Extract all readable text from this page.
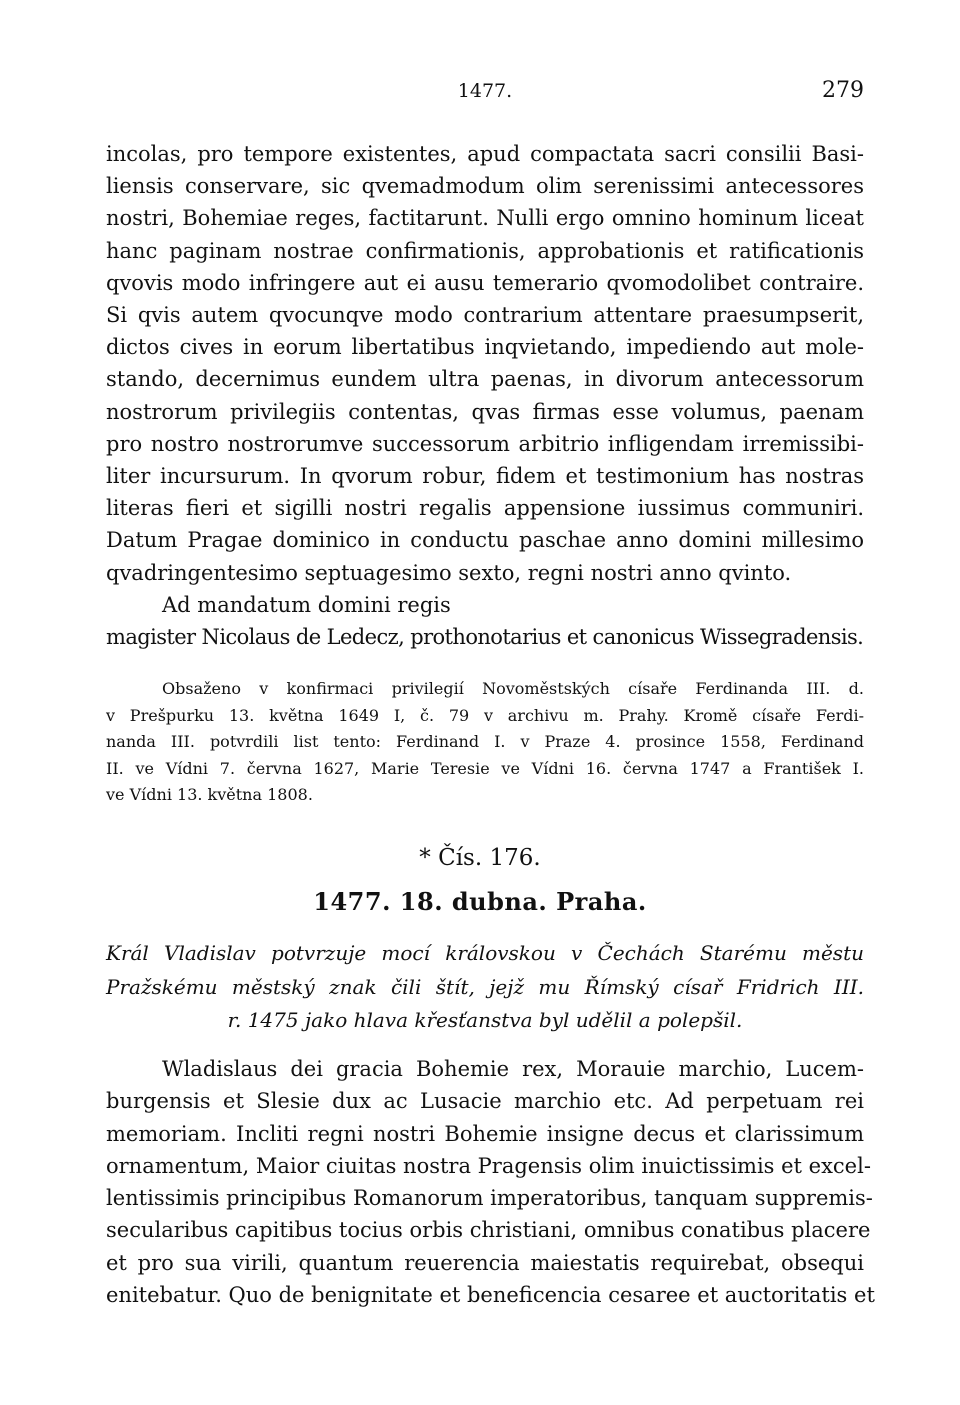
1477.	279
incolas, pro tempore existentes, apud compactata sacri consilii Basi-
liensis conservare, sic qvemadmodum olim serenissimi antecessores
nostri, Bohemiae reges, factitarunt. Nulli ergo omnino hominum liceat
hanc paginam nostrae confirmationis, approbationis et ratificationis
qvovis modo infringere aut ei ausu temerario qvomodolibet contraire.
Si qvis autem qvocunqve modo contrarium attentare praesumpserit,
dictos cives in eorum libertatibus inqvietando, impediendo aut mole-
stando, decernimus eundem ultra paenas, in divorum antecessorum
nostrorum privilegiis contentas, qvas firmas esse volumus, paenam
pro nostro nostrorumve successorum arbitrio infligendam irremissibi-
liter incursurum. In qvorum robur, fidem et testimonium has nostras
literas fieri et sigilli nostri regalis appensione iussimus communiri.
Datum Pragae dominico in conductu paschae anno domini millesimo
qvadringentesimo septuagesimo sexto, regni nostri anno qvinto.
Ad mandatum domini regis
magister Nicolaus de Ledecz, prothonotarius et canonicus Wissegradensis.
Obsaženo v konfirmaci privilegií Novoměstských císaře Ferdinanda III. d.
v Prešpurku 13. května 1649 I, č. 79 v archivu m. Prahy. Kromě císaře Ferdi-
nanda III. potvrdili list tento: Ferdinand I. v Praze 4. prosince 1558, Ferdinand
II. ve Vídni 7. června 1627, Marie Teresie ve Vídni 16. června 1747 a František I.
ve Vídni 13. května 1808.
* Čís. 176.
1477. 18. dubna. Praha.
Král Vladislav potvrzuje mocí královskou v Čechách Starému městu
Pražskému městský znak čili štít, jejž mu Římský císař Fridrich III.
r. 1475 jako hlava křesťanstva byl udělil a polepšil.
Wladislaus dei gracia Bohemie rex, Morauie marchio, Lucem-
burgensis et Slesie dux ac Lusacie marchio etc. Ad perpetuam rei
memoriam. Incliti regni nostri Bohemie insigne decus et clarissimum
ornamentum, Maior ciuitas nostra Pragensis olim inuictissimis et excel-
lentissimis principibus Romanorum imperatoribus, tanquam suppremis-
secularibus capitibus tocius orbis christiani, omnibus conatibus placere
et pro sua virili, quantum reuerencia maiestatis requirebat, obsequi
enitebatur. Quo de benignitate et beneficencia cesaree et auctoritatis et
